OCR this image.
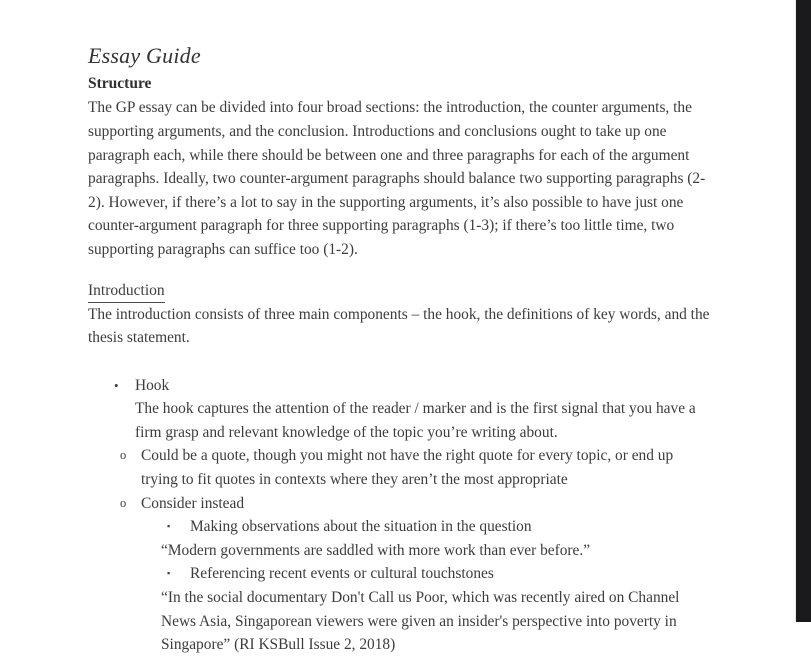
Essay Guide
Structure

The GP essay can be divided into four broad sections: the introduction, the counter arguments, the supporting arguments, and the conclusion. Introductions and conclusions ought to take up one paragraph each, while there should be between one and three paragraphs for each of the argument paragraphs. Ideally, two counter-argument paragraphs should balance two supporting paragraphs (2-2). However, if there’s a lot to say in the supporting arguments, it’s also possible to have just one counter-argument paragraph for three supporting paragraphs (1-3); if there’s too little time, two supporting paragraphs can suffice too (1-2).

Introduction

The introduction consists of three main components – the hook, the definitions of key words, and the thesis statement.

•	Hook
The hook captures the attention of the reader / marker and is the first signal that you have a firm grasp and relevant knowledge of the topic you’re writing about.
o Could be a quote, though you might not have the right quote for every topic, or end up trying to fit quotes in contexts where they aren’t the most appropriate
o Consider instead
▪	Making observations about the situation in the question
“Modern governments are saddled with more work than ever before.”
▪	Referencing recent events or cultural touchstones
“In the social documentary Don't Call us Poor, which was recently aired on Channel News Asia, Singaporean viewers were given an insider's perspective into poverty in Singapore” (RI KSBull Issue 2, 2018)
